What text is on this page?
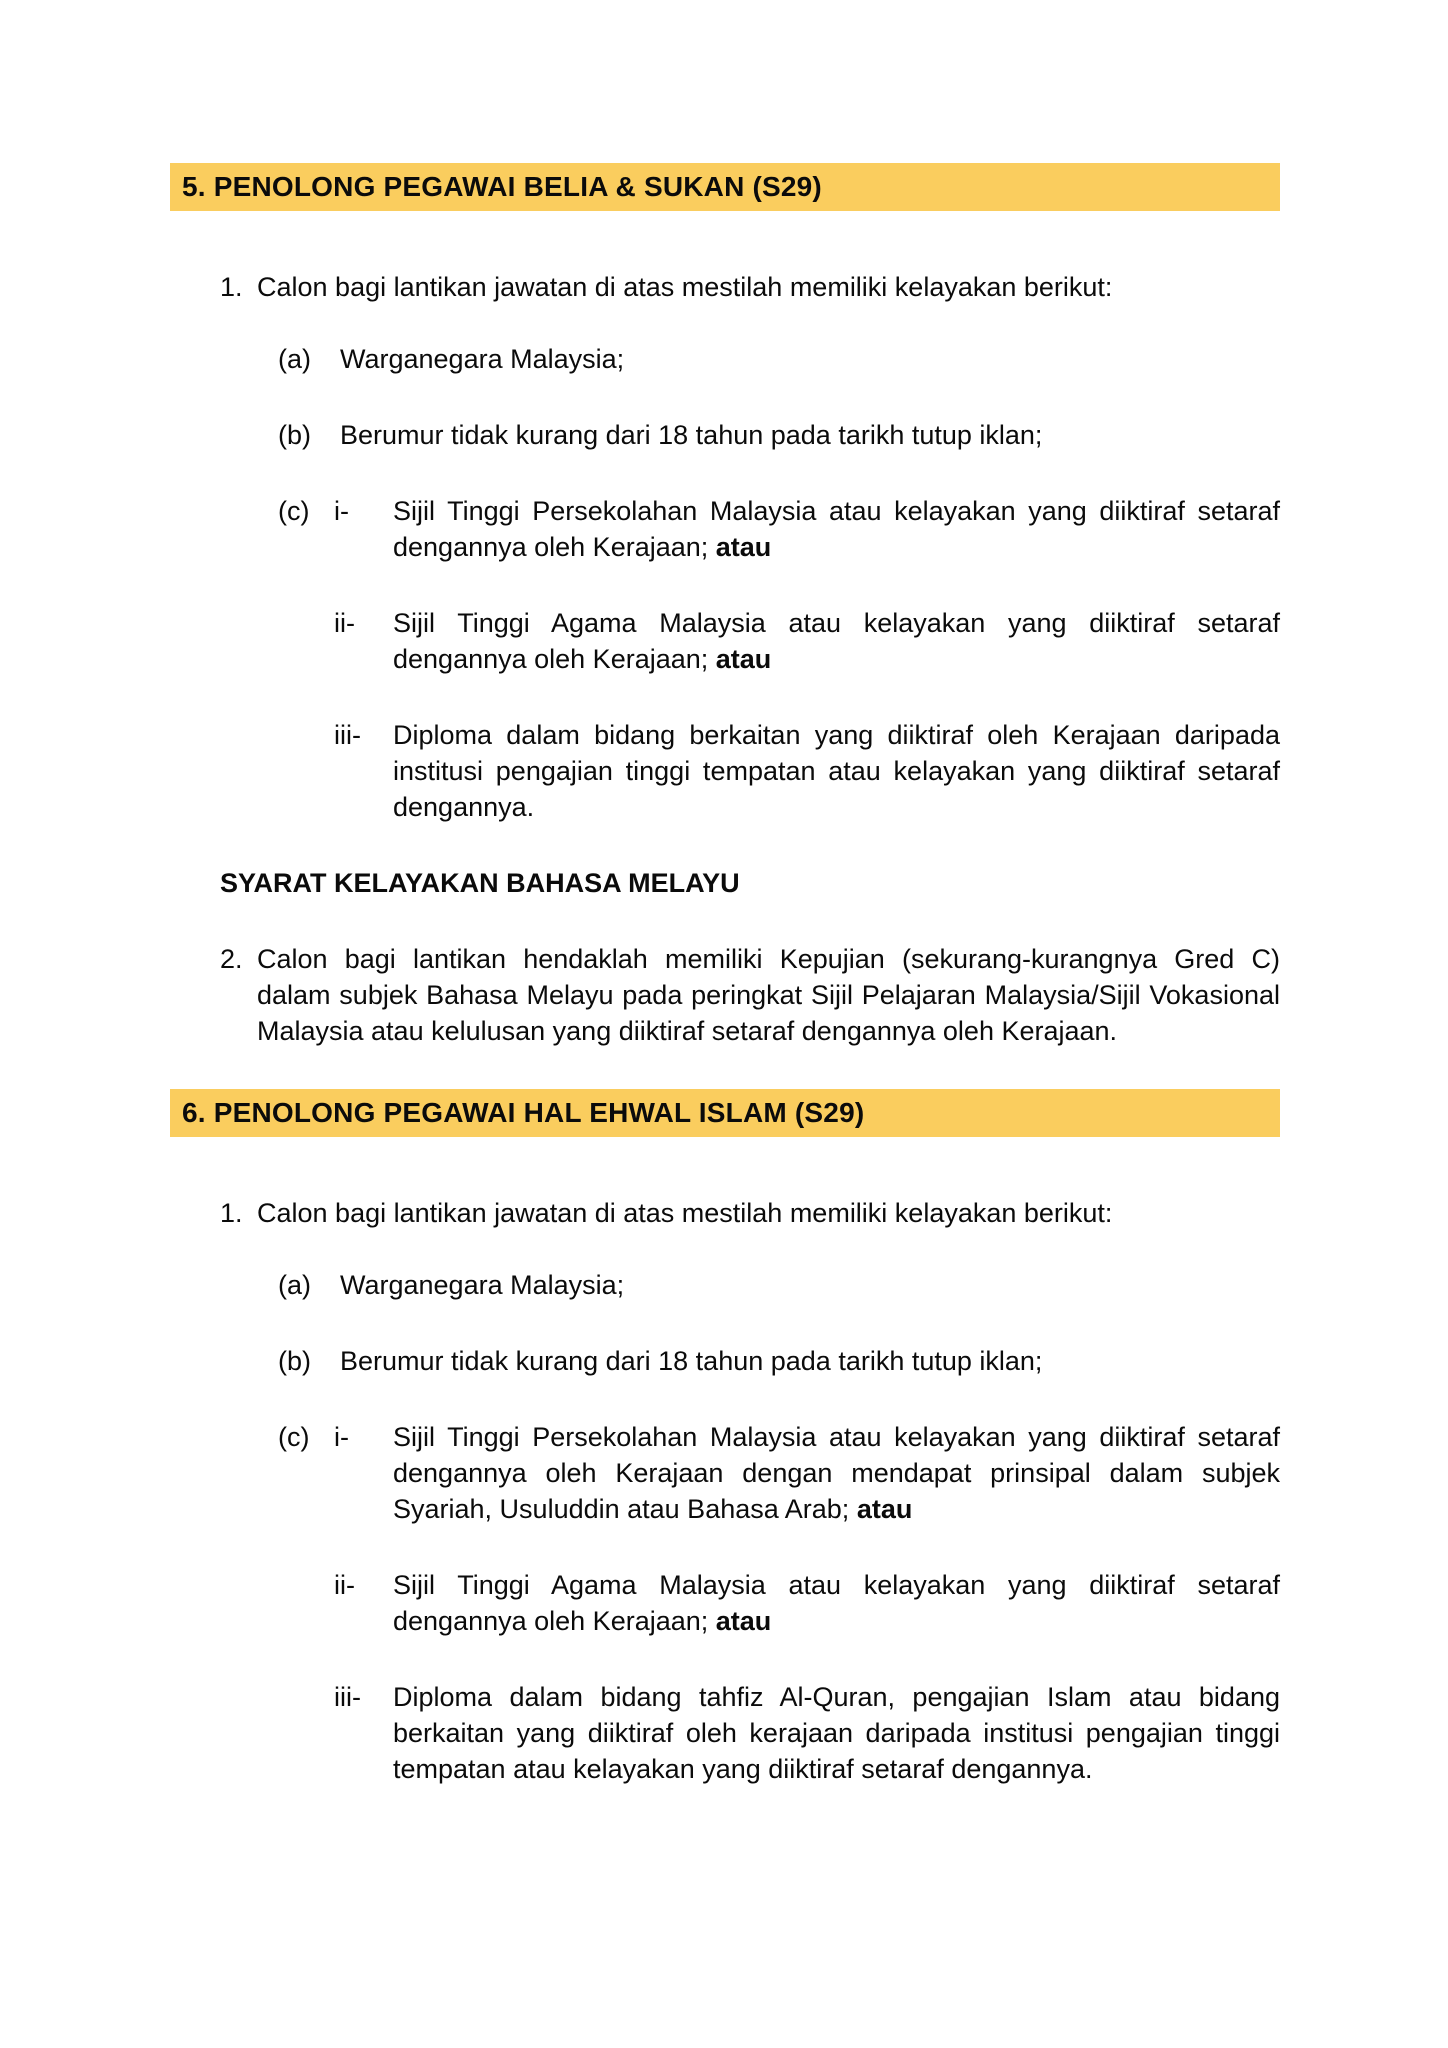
5. PENOLONG PEGAWAI BELIA & SUKAN (S29)
1. Calon bagi lantikan jawatan di atas mestilah memiliki kelayakan berikut:
(a)	Warganegara Malaysia;
(b)	Berumur tidak kurang dari 18 tahun pada tarikh tutup iklan;
(c) i-	Sijil Tinggi Persekolahan Malaysia atau kelayakan yang diiktiraf setaraf dengannya oleh Kerajaan; atau
ii-	Sijil Tinggi Agama Malaysia atau kelayakan yang diiktiraf setaraf dengannya oleh Kerajaan; atau
iii-	Diploma dalam bidang berkaitan yang diiktiraf oleh Kerajaan daripada institusi pengajian tinggi tempatan atau kelayakan yang diiktiraf setaraf dengannya.
SYARAT KELAYAKAN BAHASA MELAYU
2. Calon bagi lantikan hendaklah memiliki Kepujian (sekurang-kurangnya Gred C) dalam subjek Bahasa Melayu pada peringkat Sijil Pelajaran Malaysia/Sijil Vokasional Malaysia atau kelulusan yang diiktiraf setaraf dengannya oleh Kerajaan.
6. PENOLONG PEGAWAI HAL EHWAL ISLAM (S29)
1. Calon bagi lantikan jawatan di atas mestilah memiliki kelayakan berikut:
(a)	Warganegara Malaysia;
(b)	Berumur tidak kurang dari 18 tahun pada tarikh tutup iklan;
(c) i-	Sijil Tinggi Persekolahan Malaysia atau kelayakan yang diiktiraf setaraf dengannya oleh Kerajaan dengan mendapat prinsipal dalam subjek Syariah, Usuluddin atau Bahasa Arab; atau
ii-	Sijil Tinggi Agama Malaysia atau kelayakan yang diiktiraf setaraf dengannya oleh Kerajaan; atau
iii-	Diploma dalam bidang tahfiz Al-Quran, pengajian Islam atau bidang berkaitan yang diiktiraf oleh kerajaan daripada institusi pengajian tinggi tempatan atau kelayakan yang diiktiraf setaraf dengannya.
